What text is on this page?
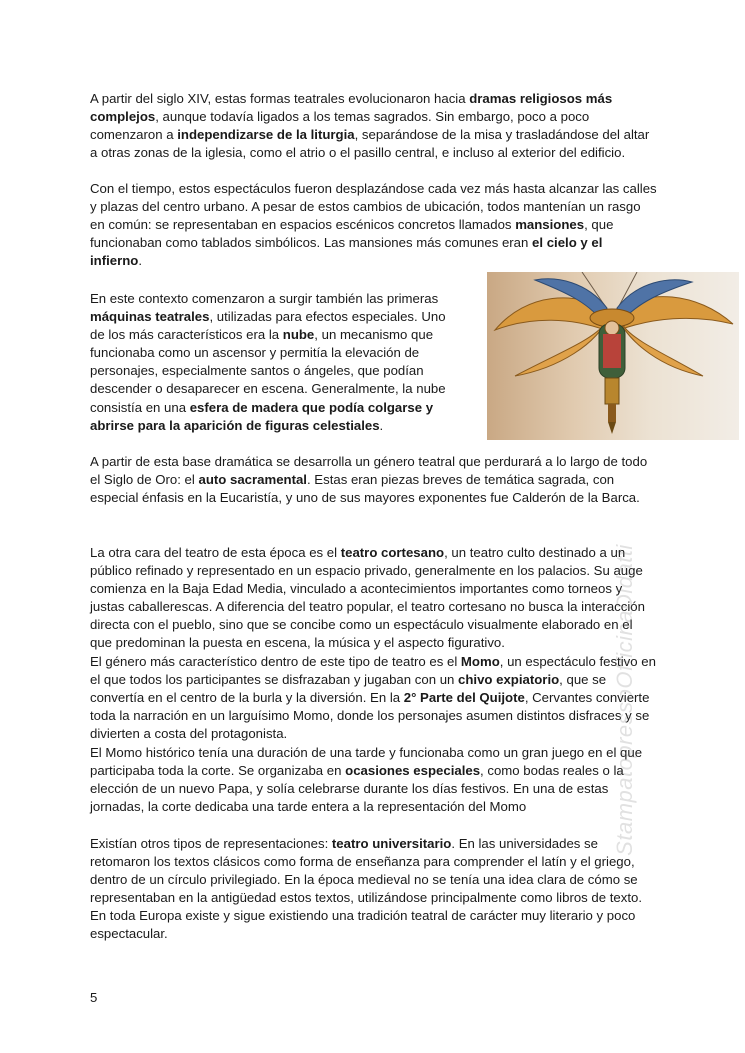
A partir del siglo XIV, estas formas teatrales evolucionaron hacia dramas religiosos más complejos, aunque todavía ligados a los temas sagrados. Sin embargo, poco a poco comenzaron a independizarse de la liturgia, separándose de la misa y trasladándose del altar a otras zonas de la iglesia, como el atrio o el pasillo central, e incluso al exterior del edificio.

Con el tiempo, estos espectáculos fueron desplazándose cada vez más hasta alcanzar las calles y plazas del centro urbano. A pesar de estos cambios de ubicación, todos mantenían un rasgo en común: se representaban en espacios escénicos concretos llamados mansiones, que funcionaban como tablados simbólicos. Las mansiones más comunes eran el cielo y el infierno.

En este contexto comenzaron a surgir también las primeras máquinas teatrales, utilizadas para efectos especiales. Uno de los más característicos era la nube, un mecanismo que funcionaba como un ascensor y permitía la elevación de personajes, especialmente santos o ángeles, que podían descender o desaparecer en escena. Generalmente, la nube consistía en una esfera de madera que podía colgarse y abrirse para la aparición de figuras celestiales.

A partir de esta base dramática se desarrolla un género teatral que perdurará a lo largo de todo el Siglo de Oro: el auto sacramental. Estas eran piezas breves de temática sagrada, con especial énfasis en la Eucaristía, y uno de sus mayores exponentes fue Calderón de la Barca.

La otra cara del teatro de esta época es el teatro cortesano, un teatro culto destinado a un público refinado y representado en un espacio privado, generalmente en los palacios. Su auge comienza en la Baja Edad Media, vinculado a acontecimientos importantes como torneos y justas caballerescas. A diferencia del teatro popular, el teatro cortesano no busca la interacción directa con el pueblo, sino que se concibe como un espectáculo visualmente elaborado en el que predominan la puesta en escena, la música y el aspecto figurativo.

El género más característico dentro de este tipo de teatro es el Momo, un espectáculo festivo en el que todos los participantes se disfrazaban y jugaban con un chivo expiatorio, que se convertía en el centro de la burla y la diversión. En la 2° Parte del Quijote, Cervantes convierte toda la narración en un larguísimo Momo, donde los personajes asumen distintos disfraces y se divierten a costa del protagonista.

El Momo histórico tenía una duración de una tarde y funcionaba como un gran juego en el que participaba toda la corte. Se organizaba en ocasiones especiales, como bodas reales o la elección de un nuevo Papa, y solía celebrarse durante los días festivos. En una de estas jornadas, la corte dedicaba una tarde entera a la representación del Momo

Existían otros tipos de representaciones: teatro universitario. En las universidades se retomaron los textos clásicos como forma de enseñanza para comprender el latín y el griego, dentro de un círculo privilegiado. En la época medieval no se tenía una idea clara de cómo se representaban en la antigüedad estos textos, utilizándose principalmente como libros de texto. En toda Europa existe y sigue existiendo una tradición teatral de carácter muy literario y poco espectacular.

StampatopressoOfficinaDidatti
5
